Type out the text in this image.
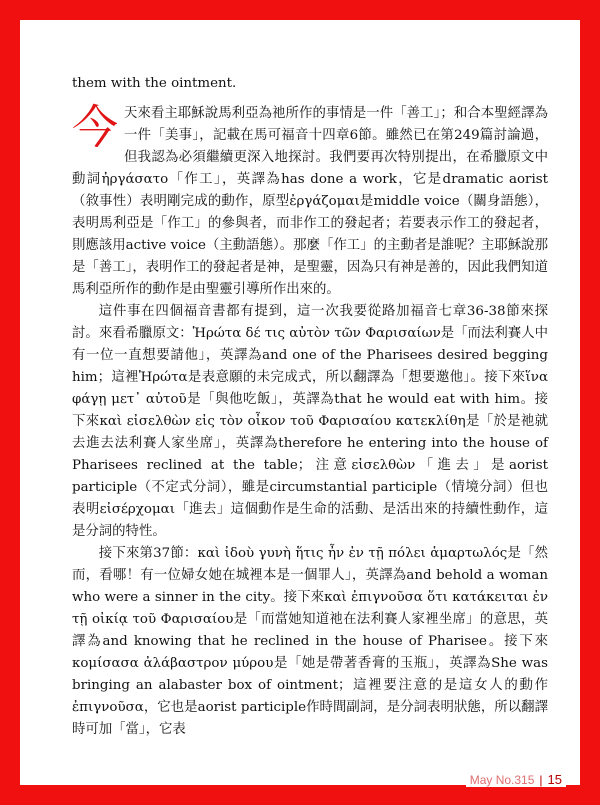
them with the ointment.

今天來看主耶穌說馬利亞為祂所作的事情是一件「善工」；和合本聖經譯為一件「美事」，記載在馬可福音十四章6節。雖然已在第249篇討論過，但我認為必須繼續更深入地探討。我們要再次特別提出，在希臘原文中動詞ἠργάσατο「作工」，英譯為has done a work，它是dramatic aorist（敘事性）表明剛完成的動作，原型ἐργάζομαι是middle voice（關身語態），表明馬利亞是「作工」的參與者，而非作工的發起者；若要表示作工的發起者，則應該用active voice（主動語態）。那麼「作工」的主動者是誰呢？主耶穌說那是「善工」，表明作工的發起者是神，是聖靈，因為只有神是善的，因此我們知道馬利亞所作的動作是由聖靈引導所作出來的。

這件事在四個福音書都有提到，這一次我要從路加福音七章36-38節來探討。來看希臘原文：Ἠρώτα δέ τις αὐτὸν τῶν Φαρισαίων是「而法利賽人中有一位一直想要請他」，英譯為and one of the Pharisees desired begging him；這裡Ἠρώτα是表意願的未完成式，所以翻譯為「想要邀他」。接下來ἵνα φάγῃ μετ᾽ αὐτοῦ是「與他吃飯」，英譯為that he would eat with him。接下來καὶ εἰσελθὼν εἰς τὸν οἶκον τοῦ Φαρισαίου κατεκλίθη是「於是祂就去進去法利賽人家坐席」，英譯為therefore he entering into the house of Pharisees reclined at the table；注意εἰσελθὼν「進去」是aorist participle（不定式分詞），雖是circumstantial participle（情境分詞）但也表明εἰσέρχομαι「進去」這個動作是生命的活動、是活出來的持續性動作，這是分詞的特性。

接下來第37節：καὶ ἰδοὺ γυνὴ ἥτις ἦν ἐν τῇ πόλει ἁμαρτωλός是「然而，看哪！有一位婦女她在城裡本是一個罪人」，英譯為and behold a woman who were a sinner in the city。接下來καὶ ἐπιγνοῦσα ὅτι κατάκειται ἐν τῇ οἰκίᾳ τοῦ Φαρισαίου是「而當她知道祂在法利賽人家裡坐席」的意思，英譯為and knowing that he reclined in the house of Pharisee。接下來κομίσασα ἀλάβαστρον μύρου是「她是帶著香膏的玉瓶」，英譯為She was bringing an alabaster box of ointment；這裡要注意的是這女人的動作ἐπιγνοῦσα，它也是aorist participle作時間副詞，是分詞表明狀態，所以翻譯時可加「當」，它表

May No.315 | 15
